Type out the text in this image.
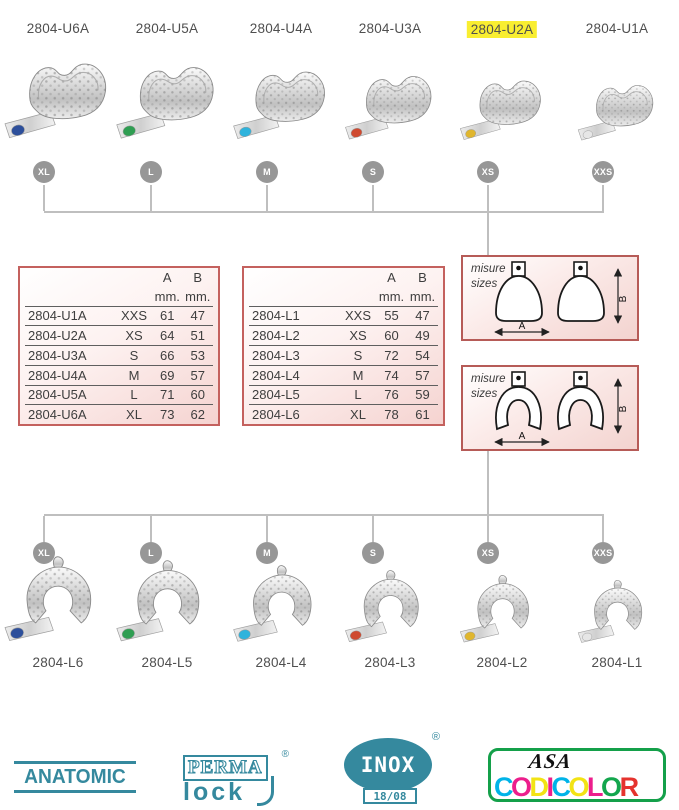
2804-U6A	2804-U5A	2804-U4A	2804-U3A	2804-U2A	2804-U1A
XL	L	M	S	XS	XXS
A	B
mm. mm.
2804-U1A	XXS	61	47
2804-U2A	XS	64	51
2804-U3A	S	66	53
2804-U4A	M	69	57
2804-U5A	L	71	60
2804-U6A	XL	73	62
A	B
mm. mm.
2804-L1	XXS	55	47
2804-L2	XS	60	49
2804-L3	S	72	54
2804-L4	M	74	57
2804-L5	L	76	59
2804-L6	XL	78	61
A
B
misure
sizes
A
B
misure
sizes
XL	L	M	S	XS	XXS
2804-L6	2804-L5	2804-L4	2804-L3	2804-L2	2804-L1
ANATOMIC	PERMA
®
lock
INOX
®
18/08
ASA
CODICOLOR
